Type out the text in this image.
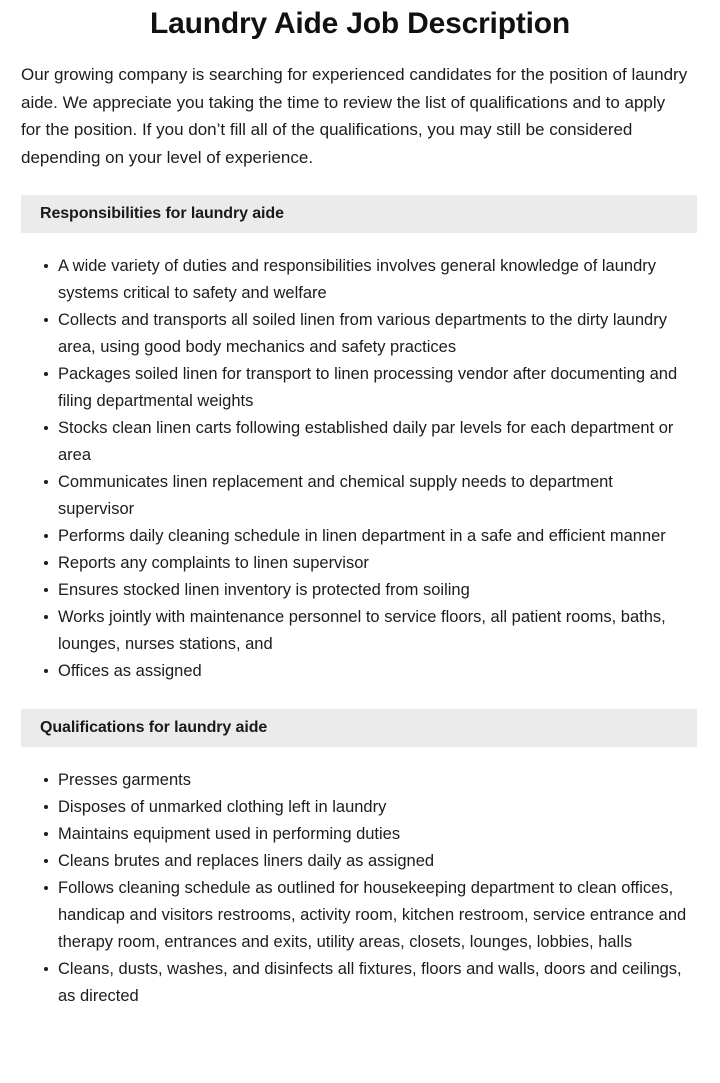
Laundry Aide Job Description

Our growing company is searching for experienced candidates for the position of laundry aide. We appreciate you taking the time to review the list of qualifications and to apply for the position. If you don’t fill all of the qualifications, you may still be considered depending on your level of experience.

Responsibilities for laundry aide
A wide variety of duties and responsibilities involves general knowledge of laundry systems critical to safety and welfare
Collects and transports all soiled linen from various departments to the dirty laundry area, using good body mechanics and safety practices
Packages soiled linen for transport to linen processing vendor after documenting and filing departmental weights
Stocks clean linen carts following established daily par levels for each department or area
Communicates linen replacement and chemical supply needs to department supervisor
Performs daily cleaning schedule in linen department in a safe and efficient manner
Reports any complaints to linen supervisor
Ensures stocked linen inventory is protected from soiling
Works jointly with maintenance personnel to service floors, all patient rooms, baths, lounges, nurses stations, and
Offices as assigned
Qualifications for laundry aide
Presses garments
Disposes of unmarked clothing left in laundry
Maintains equipment used in performing duties
Cleans brutes and replaces liners daily as assigned
Follows cleaning schedule as outlined for housekeeping department to clean offices, handicap and visitors restrooms, activity room, kitchen restroom, service entrance and therapy room, entrances and exits, utility areas, closets, lounges, lobbies, halls
Cleans, dusts, washes, and disinfects all fixtures, floors and walls, doors and ceilings, as directed
